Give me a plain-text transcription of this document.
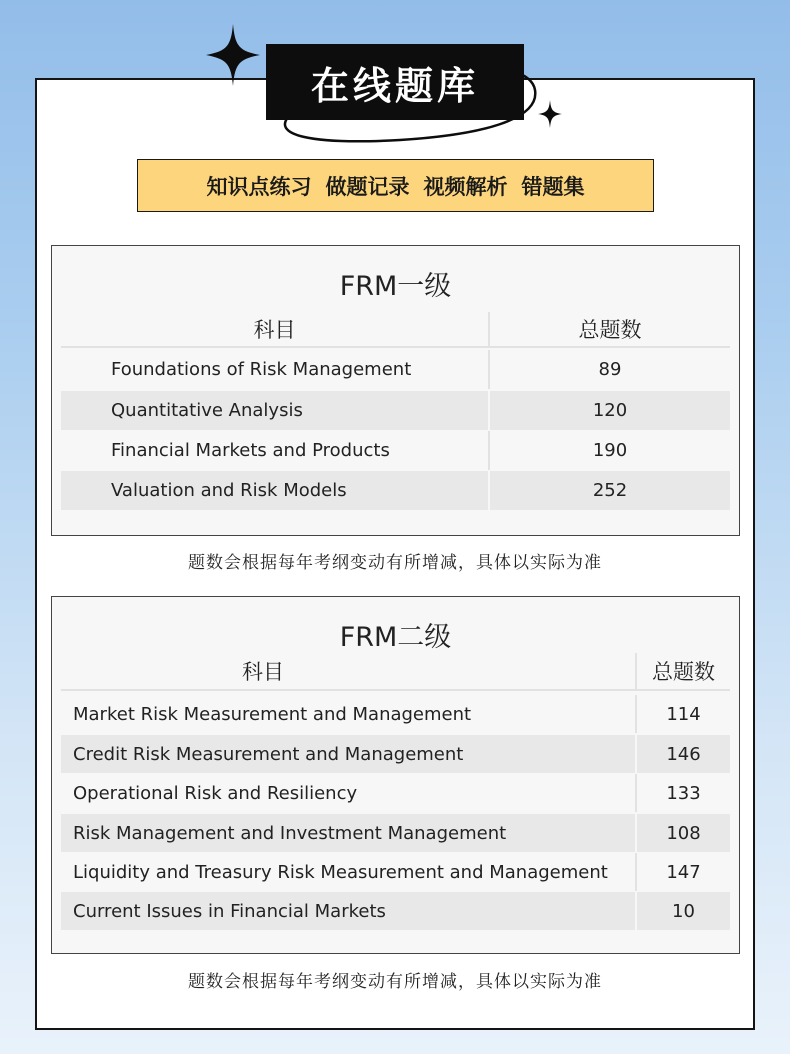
在线题库
知识点练习 做题记录 视频解析 错题集
FRM一级
科目	总题数
Foundations of Risk Management	89
Quantitative Analysis	120
Financial Markets and Products	190
Valuation and Risk Models	252
题数会根据每年考纲变动有所增减，具体以实际为准
FRM二级
科目	总题数
Market Risk Measurement and Management	114
Credit Risk Measurement and Management	146
Operational Risk and Resiliency	133
Risk Management and Investment Management	108
Liquidity and Treasury Risk Measurement and Management	147
Current Issues in Financial Markets	10
题数会根据每年考纲变动有所增减，具体以实际为准
